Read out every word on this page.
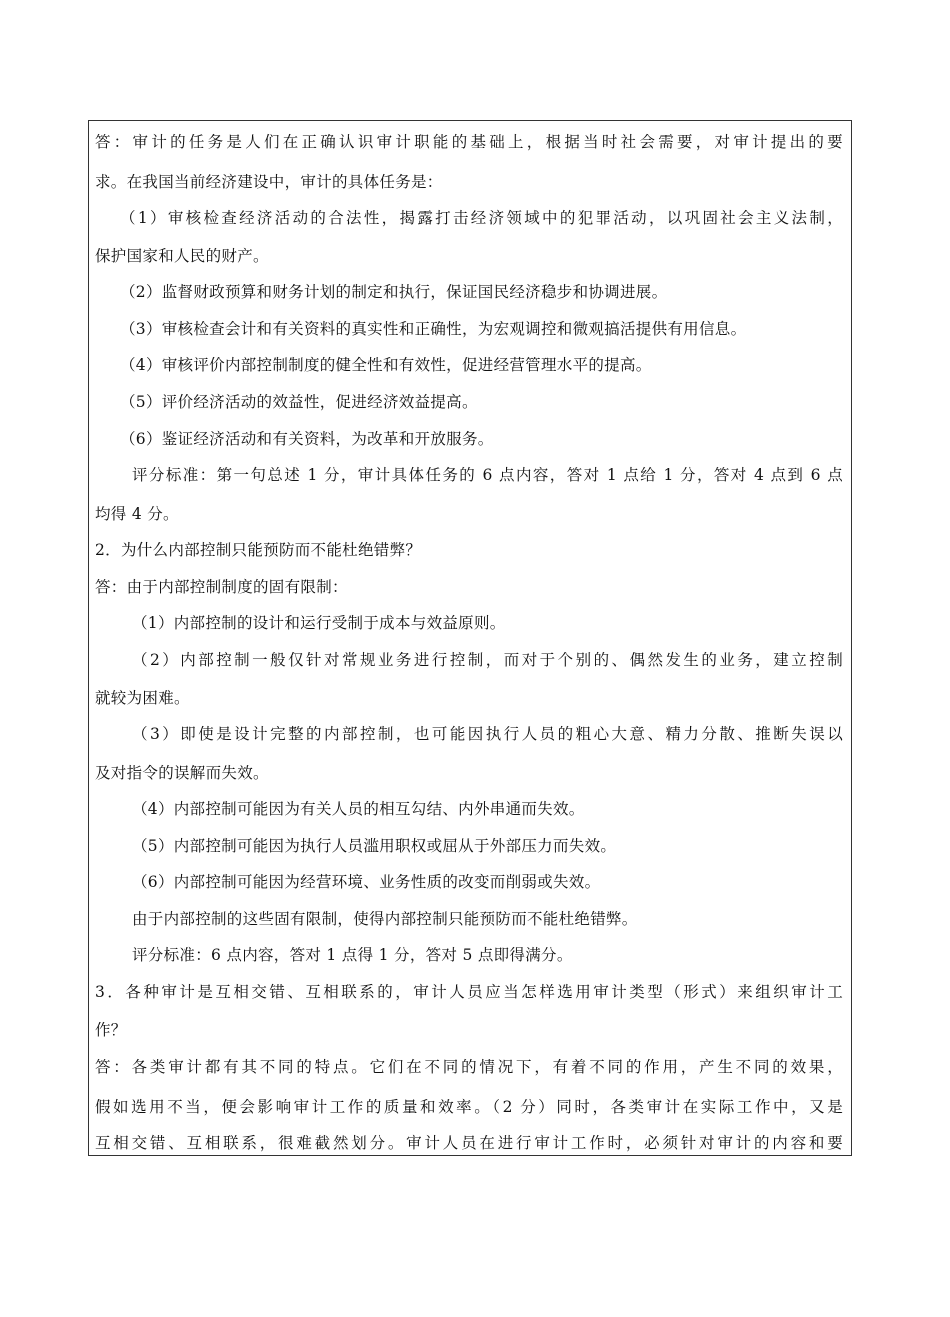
答：审计的任务是人们在正确认识审计职能的基础上，根据当时社会需要，对审计提出的要
求。在我国当前经济建设中，审计的具体任务是：
（1）审核检查经济活动的合法性，揭露打击经济领域中的犯罪活动，以巩固社会主义法制，
保护国家和人民的财产。
（2）监督财政预算和财务计划的制定和执行，保证国民经济稳步和协调进展。
（3）审核检查会计和有关资料的真实性和正确性，为宏观调控和微观搞活提供有用信息。
（4）审核评价内部控制制度的健全性和有效性，促进经营管理水平的提高。
（5）评价经济活动的效益性，促进经济效益提高。
（6）鉴证经济活动和有关资料，为改革和开放服务。
评分标准：第一句总述 1 分，审计具体任务的 6 点内容，答对 1 点给 1 分，答对 4 点到 6 点
均得 4 分。
2．为什么内部控制只能预防而不能杜绝错弊？
答：由于内部控制制度的固有限制：
（1）内部控制的设计和运行受制于成本与效益原则。
（2）内部控制一般仅针对常规业务进行控制，而对于个别的、偶然发生的业务，建立控制
就较为困难。
（3）即使是设计完整的内部控制，也可能因执行人员的粗心大意、精力分散、推断失误以
及对指令的误解而失效。
（4）内部控制可能因为有关人员的相互勾结、内外串通而失效。
（5）内部控制可能因为执行人员滥用职权或屈从于外部压力而失效。
（6）内部控制可能因为经营环境、业务性质的改变而削弱或失效。
由于内部控制的这些固有限制，使得内部控制只能预防而不能杜绝错弊。
评分标准：6 点内容，答对 1 点得 1 分，答对 5 点即得满分。
3．各种审计是互相交错、互相联系的，审计人员应当怎样选用审计类型（形式）来组织审计工
作？
答：各类审计都有其不同的特点。它们在不同的情况下，有着不同的作用，产生不同的效果，
假如选用不当，便会影响审计工作的质量和效率。（2 分）同时，各类审计在实际工作中，又是
互相交错、互相联系，很难截然划分。审计人员在进行审计工作时，必须针对审计的内容和要
